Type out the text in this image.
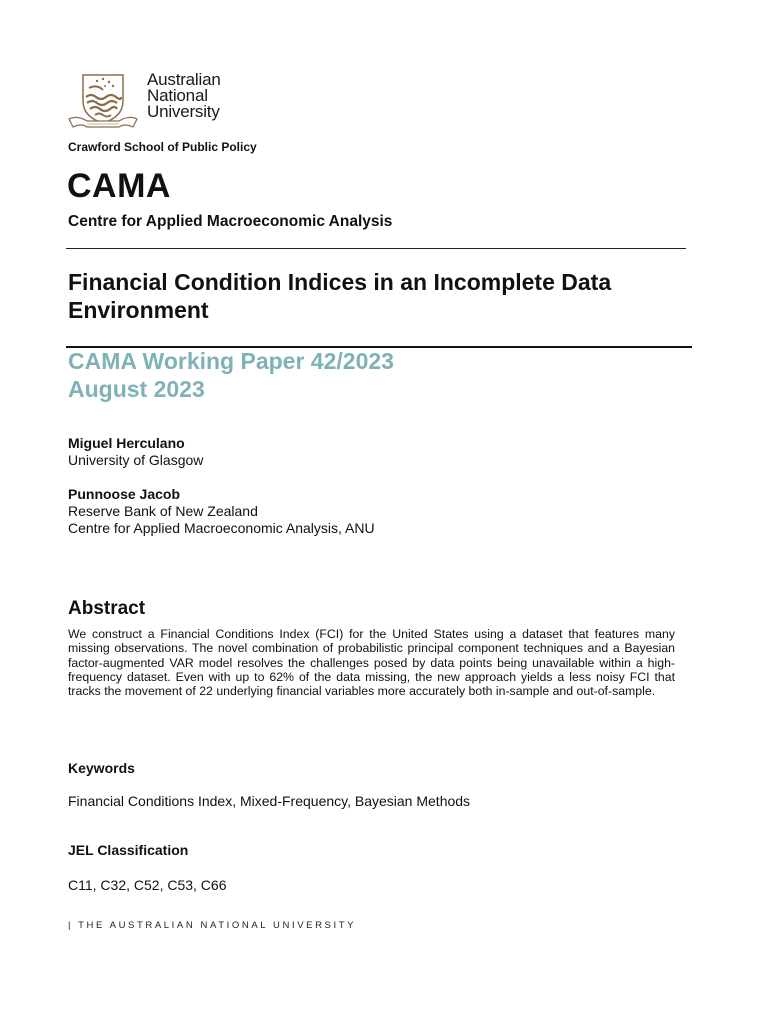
Australian
National
University
Crawford School of Public Policy
CAMA
Centre for Applied Macroeconomic Analysis
Financial Condition Indices in an Incomplete Data Environment
CAMA Working Paper 42/2023
August 2023
Miguel Herculano
University of Glasgow
Punnoose Jacob
Reserve Bank of New Zealand
Centre for Applied Macroeconomic Analysis, ANU
Abstract
We construct a Financial Conditions Index (FCI) for the United States using a dataset that features many missing observations. The novel combination of probabilistic principal component techniques and a Bayesian factor-augmented VAR model resolves the challenges posed by data points being unavailable within a high-frequency dataset. Even with up to 62% of the data missing, the new approach yields a less noisy FCI that tracks the movement of 22 underlying financial variables more accurately both in-sample and out-of-sample.
Keywords
Financial Conditions Index, Mixed-Frequency, Bayesian Methods
JEL Classification
C11, C32, C52, C53, C66
| THE AUSTRALIAN NATIONAL UNIVERSITY
